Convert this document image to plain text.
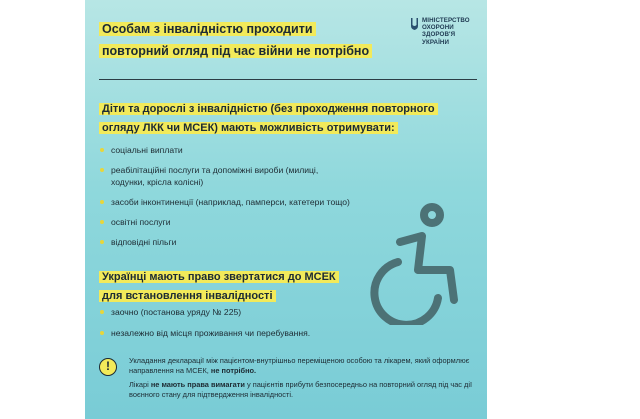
Особам з інвалідністю проходити
повторний огляд під час війни не потрібно
МІНІСТЕРСТВО
ОХОРОНИ
ЗДОРОВ'Я
УКРАЇНИ
Діти та дорослі з інвалідністю (без проходження повторного
огляду ЛКК чи МСЕК) мають можливість отримувати:
соціальні виплати
реабілітаційні послуги та допоміжні вироби (милиці,
ходунки, крісла колісні)
засоби інконтиненції (наприклад, памперси, катетери тощо)
освітні послуги
відповідні пільги
Українці мають право звертатися до МСЕК
для встановлення інвалідності
заочно (постанова уряду № 225)
незалежно від місця проживання чи перебування.
!	Укладання декларації між пацієнтом-внутрішньо переміщеною особою та лікарем, який оформлює направлення на МСЕК, не потрібно.

Лікарі не мають права вимагати у пацієнтів прибути безпосередньо на повторний огляд під час дії воєнного стану для підтвердження інвалідності.
